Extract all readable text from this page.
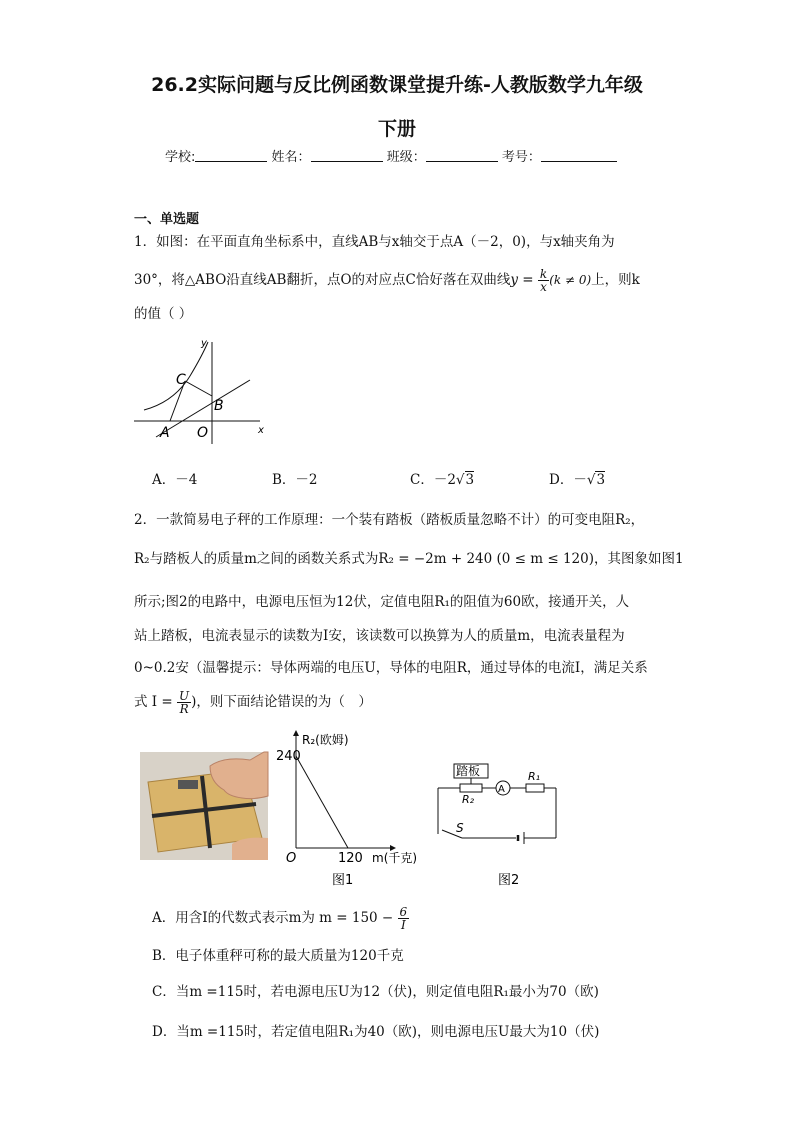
26.2实际问题与反比例函数课堂提升练-人教版数学九年级
下册
学校:	姓名：	班级：	考号：
一、单选题
1．如图：在平面直角坐标系中，直线AB与x轴交于点A（－2，0)，与x轴夹角为
30°，将△ABO沿直线AB翻折，点O的对应点C恰好落在双曲线$y = \frac{k}{x} (k \ne 0)$上，则k
的值（ ）
y
x
C
B
A O
A．－4	B．－2	C．－2√3	D．－√3
2．一款简易电子秤的工作原理：一个装有踏板（踏板质量忽略不计）的可变电阻R₂，
R₂与踏板人的质量m之间的函数关系式为R₂ = −2m + 240 (0 ≤ m ≤ 120)，其图象如图1
所示;图2的电路中，电源电压恒为12伏，定值电阻R₁的阻值为60欧，接通开关，人
站上踏板，电流表显示的读数为I安，该读数可以换算为人的质量m，电流表量程为
0~0.2安（温馨提示：导体两端的电压U，导体的电阻R，通过导体的电流I，满足关系
式 $I = \frac{U}{R}$ )，则下面结论错误的为（　）
R₂(欧姆)
240
O	120 m(千克)
图1
踏板
A
R₂
R₁
S
图2
A．用含I的代数式表示m为 $m = 150 - \frac{6}{I}$
B．电子体重秤可称的最大质量为120千克
C．当m =115时，若电源电压U为12（伏)，则定值电阻R₁最小为70（欧)
D．当m =115时，若定值电阻R₁为40（欧)，则电源电压U最大为10（伏)
